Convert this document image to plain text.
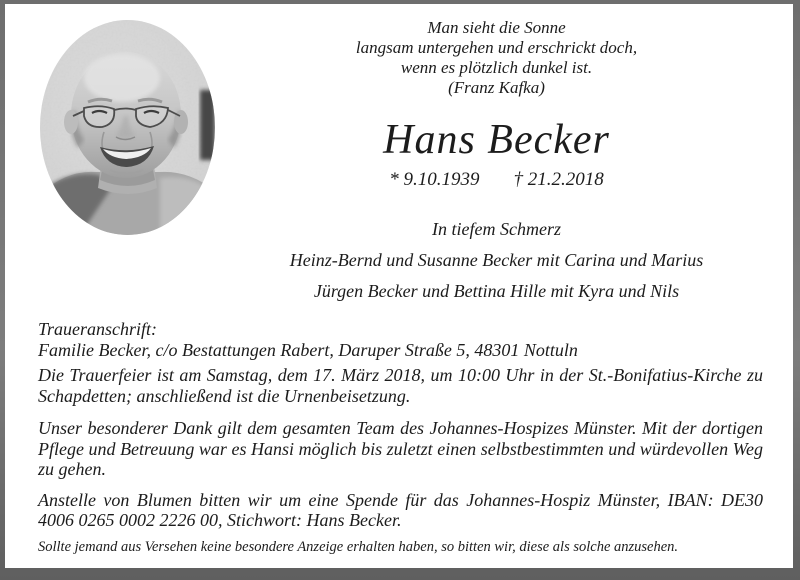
Man sieht die Sonne
langsam untergehen und erschrickt doch,
wenn es plötzlich dunkel ist.
(Franz Kafka)
Hans Becker
* 9.10.1939 † 21.2.2018
In tiefem Schmerz
Heinz-Bernd und Susanne Becker mit Carina und Marius
Jürgen Becker und Bettina Hille mit Kyra und Nils
Traueranschrift:
Familie Becker, c/o Bestattungen Rabert, Daruper Straße 5, 48301 Nottuln

Die Trauerfeier ist am Samstag, dem 17. März 2018, um 10:00 Uhr in der St.-Bonifatius-Kirche zu Schapdetten; anschließend ist die Urnenbeisetzung.

Unser besonderer Dank gilt dem gesamten Team des Johannes-Hospizes Münster. Mit der dortigen Pflege und Betreuung war es Hansi möglich bis zuletzt einen selbstbestimmten und würdevollen Weg zu gehen.

Anstelle von Blumen bitten wir um eine Spende für das Johannes-Hospiz Münster, IBAN: DE30 4006 0265 0002 2226 00, Stichwort: Hans Becker.

Sollte jemand aus Versehen keine besondere Anzeige erhalten haben, so bitten wir, diese als solche anzusehen.
